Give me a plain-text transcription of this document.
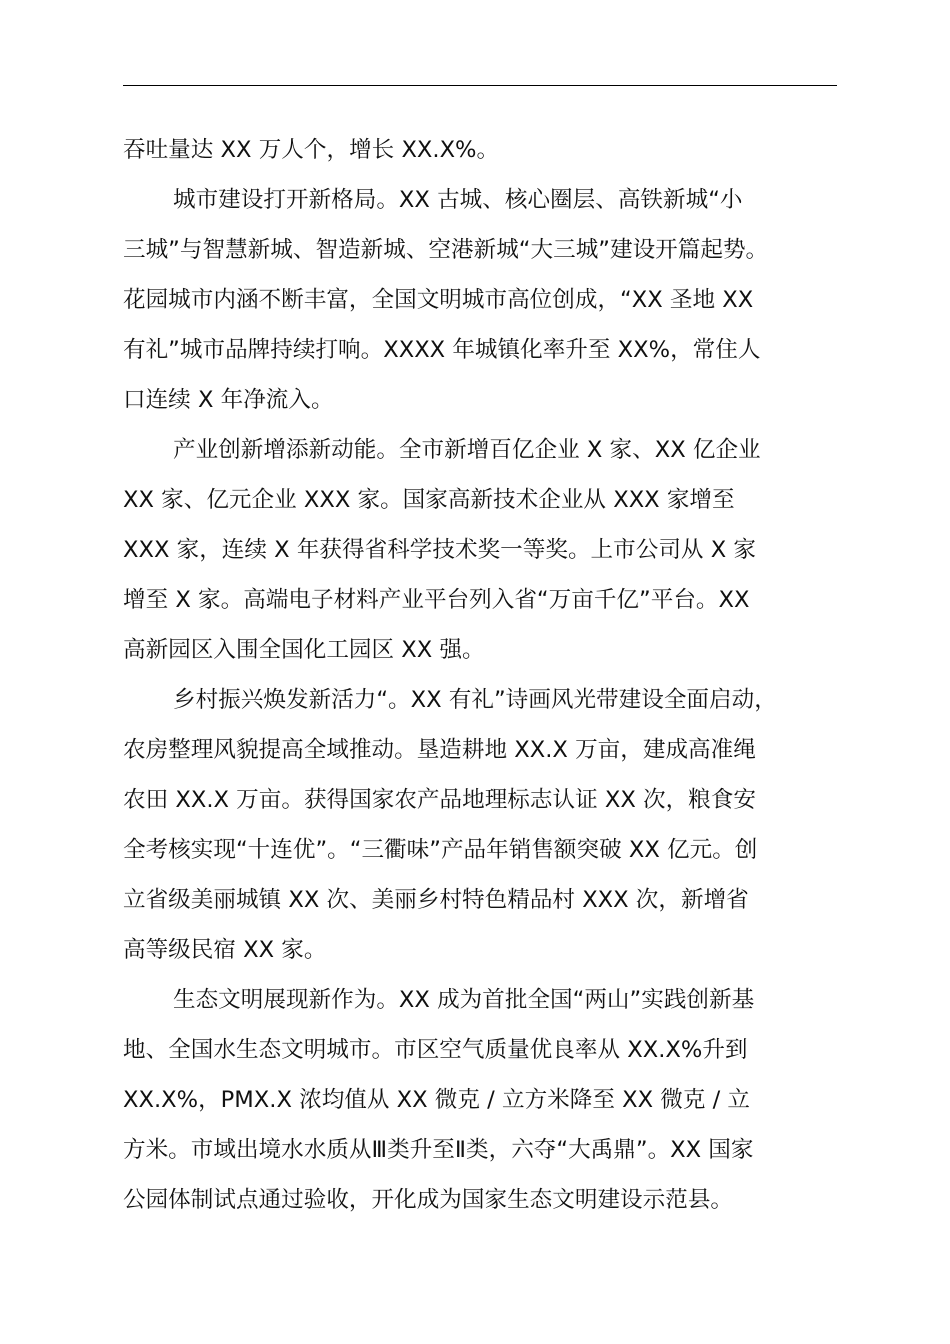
吞吐量达 XX 万人个，增长 XX.X%。
城市建设打开新格局。XX 古城、核心圈层、高铁新城“小
三城”与智慧新城、智造新城、空港新城“大三城”建设开篇起势。
花园城市内涵不断丰富，全国文明城市高位创成，“XX 圣地 XX
有礼”城市品牌持续打响。XXXX 年城镇化率升至 XX%，常住人
口连续 X 年净流入。
产业创新增添新动能。全市新增百亿企业 X 家、XX 亿企业
XX 家、亿元企业 XXX 家。国家高新技术企业从 XXX 家增至
XXX 家，连续 X 年获得省科学技术奖一等奖。上市公司从 X 家
增至 X 家。高端电子材料产业平台列入省“万亩千亿”平台。XX
高新园区入围全国化工园区 XX 强。
乡村振兴焕发新活力“。XX 有礼”诗画风光带建设全面启动，
农房整理风貌提高全域推动。垦造耕地 XX.X 万亩，建成高准绳
农田 XX.X 万亩。获得国家农产品地理标志认证 XX 次，粮食安
全考核实现“十连优”。“三衢味”产品年销售额突破 XX 亿元。创
立省级美丽城镇 XX 次、美丽乡村特色精品村 XXX 次，新增省
高等级民宿 XX 家。
生态文明展现新作为。XX 成为首批全国“两山”实践创新基
地、全国水生态文明城市。市区空气质量优良率从 XX.X%升到
XX.X%，PMX.X 浓均值从 XX 微克 / 立方米降至 XX 微克 / 立
方米。市域出境水水质从Ⅲ类升至Ⅱ类，六夺“大禹鼎”。XX 国家
公园体制试点通过验收，开化成为国家生态文明建设示范县。
